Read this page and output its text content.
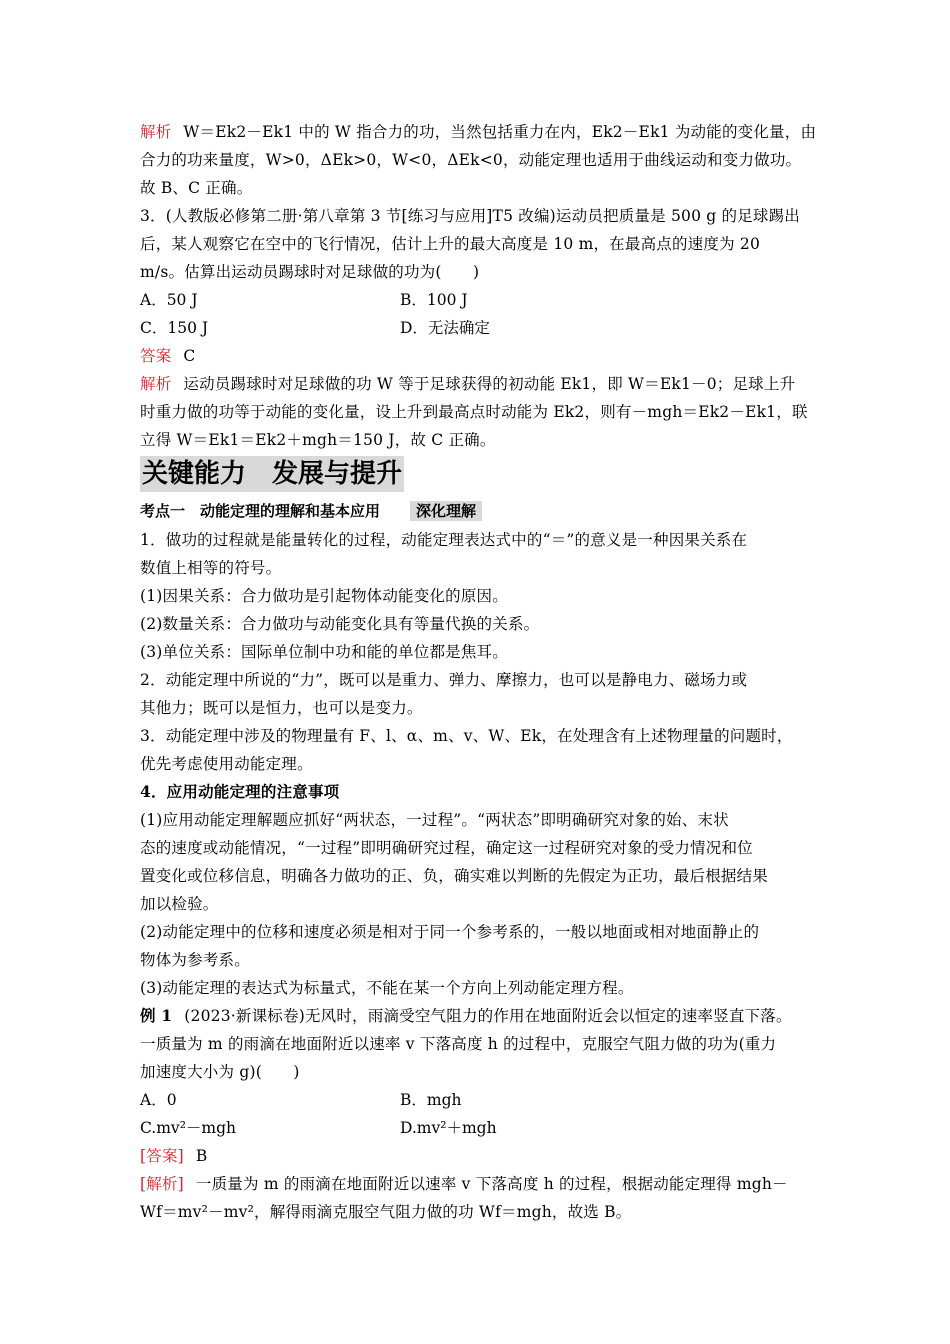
解析 W＝Ek2－Ek1 中的 W 指合力的功，当然包括重力在内，Ek2－Ek1 为动能的变化量，由
合力的功来量度，W>0，ΔEk>0，W<0，ΔEk<0，动能定理也适用于曲线运动和变力做功。
故 B、C 正确。
3．(人教版必修第二册·第八章第 3 节[练习与应用]T5 改编)运动员把质量是 500 g 的足球踢出
后，某人观察它在空中的飞行情况，估计上升的最大高度是 10 m，在最高点的速度为 20
m/s。估算出运动员踢球时对足球做的功为(　　)
A．50 J	B．100 J
C．150 J	D．无法确定
答案 C
解析 运动员踢球时对足球做的功 W 等于足球获得的初动能 Ek1，即 W＝Ek1－0；足球上升
时重力做的功等于动能的变化量，设上升到最高点时动能为 Ek2，则有－mgh＝Ek2－Ek1，联
立得 W＝Ek1＝Ek2＋mgh＝150 J，故 C 正确。
关键能力　发展与提升
考点一　动能定理的理解和基本应用 深化理解
1．做功的过程就是能量转化的过程，动能定理表达式中的“＝”的意义是一种因果关系在
数值上相等的符号。
(1)因果关系：合力做功是引起物体动能变化的原因。
(2)数量关系：合力做功与动能变化具有等量代换的关系。
(3)单位关系：国际单位制中功和能的单位都是焦耳。
2．动能定理中所说的“力”，既可以是重力、弹力、摩擦力，也可以是静电力、磁场力或
其他力；既可以是恒力，也可以是变力。
3．动能定理中涉及的物理量有 F、l、α、m、v、W、Ek，在处理含有上述物理量的问题时，
优先考虑使用动能定理。
4．应用动能定理的注意事项
(1)应用动能定理解题应抓好“两状态，一过程”。“两状态”即明确研究对象的始、末状
态的速度或动能情况，“一过程”即明确研究过程，确定这一过程研究对象的受力情况和位
置变化或位移信息，明确各力做功的正、负，确实难以判断的先假定为正功，最后根据结果
加以检验。
(2)动能定理中的位移和速度必须是相对于同一个参考系的，一般以地面或相对地面静止的
物体为参考系。
(3)动能定理的表达式为标量式，不能在某一个方向上列动能定理方程。
例 1 (2023·新课标卷)无风时，雨滴受空气阻力的作用在地面附近会以恒定的速率竖直下落。
一质量为 m 的雨滴在地面附近以速率 v 下落高度 h 的过程中，克服空气阻力做的功为(重力
加速度大小为 g)(　　)
A．0	B．mgh
C.mv²－mgh	D.mv²＋mgh
[答案] B
[解析] 一质量为 m 的雨滴在地面附近以速率 v 下落高度 h 的过程，根据动能定理得 mgh－
Wf＝mv²－mv²，解得雨滴克服空气阻力做的功 Wf＝mgh，故选 B。
